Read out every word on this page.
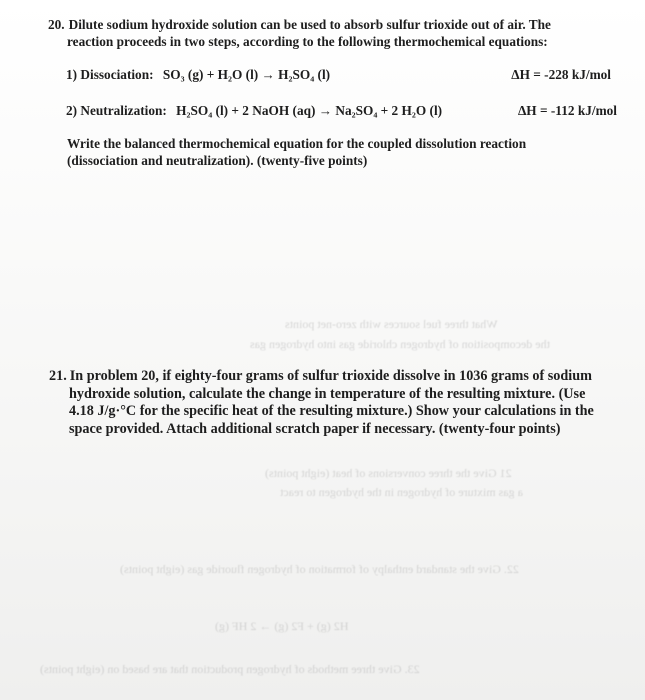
What three fuel sources with zero-net points
the decomposition of hydrogen chloride gas into hydrogen gas
21 Give the three conversions of heat (eight points)
a gas mixture of hydrogen in the hydrogen to react
22. Give the standard enthalpy of formation of hydrogen fluoride gas (eight points)
H2 (g) + F2 (g) → 2 HF (g)
23. Give three methods of hydrogen production that are based on (eight points)
20. Dilute sodium hydroxide solution can be used to absorb sulfur trioxide out of air. The
reaction proceeds in two steps, according to the following thermochemical equations:
1) Dissociation: SO₃ (g) + H₂O (l) → H₂SO₄ (l)	ΔH = -228 kJ/mol
2) Neutralization: H₂SO₄ (l) + 2 NaOH (aq) → Na₂SO₄ + 2 H₂O (l)	ΔH = -112 kJ/mol
Write the balanced thermochemical equation for the coupled dissolution reaction
(dissociation and neutralization). (twenty-five points)
21. In problem 20, if eighty-four grams of sulfur trioxide dissolve in 1036 grams of sodium
hydroxide solution, calculate the change in temperature of the resulting mixture. (Use
4.18 J/g·°C for the specific heat of the resulting mixture.) Show your calculations in the
space provided. Attach additional scratch paper if necessary. (twenty-four points)
